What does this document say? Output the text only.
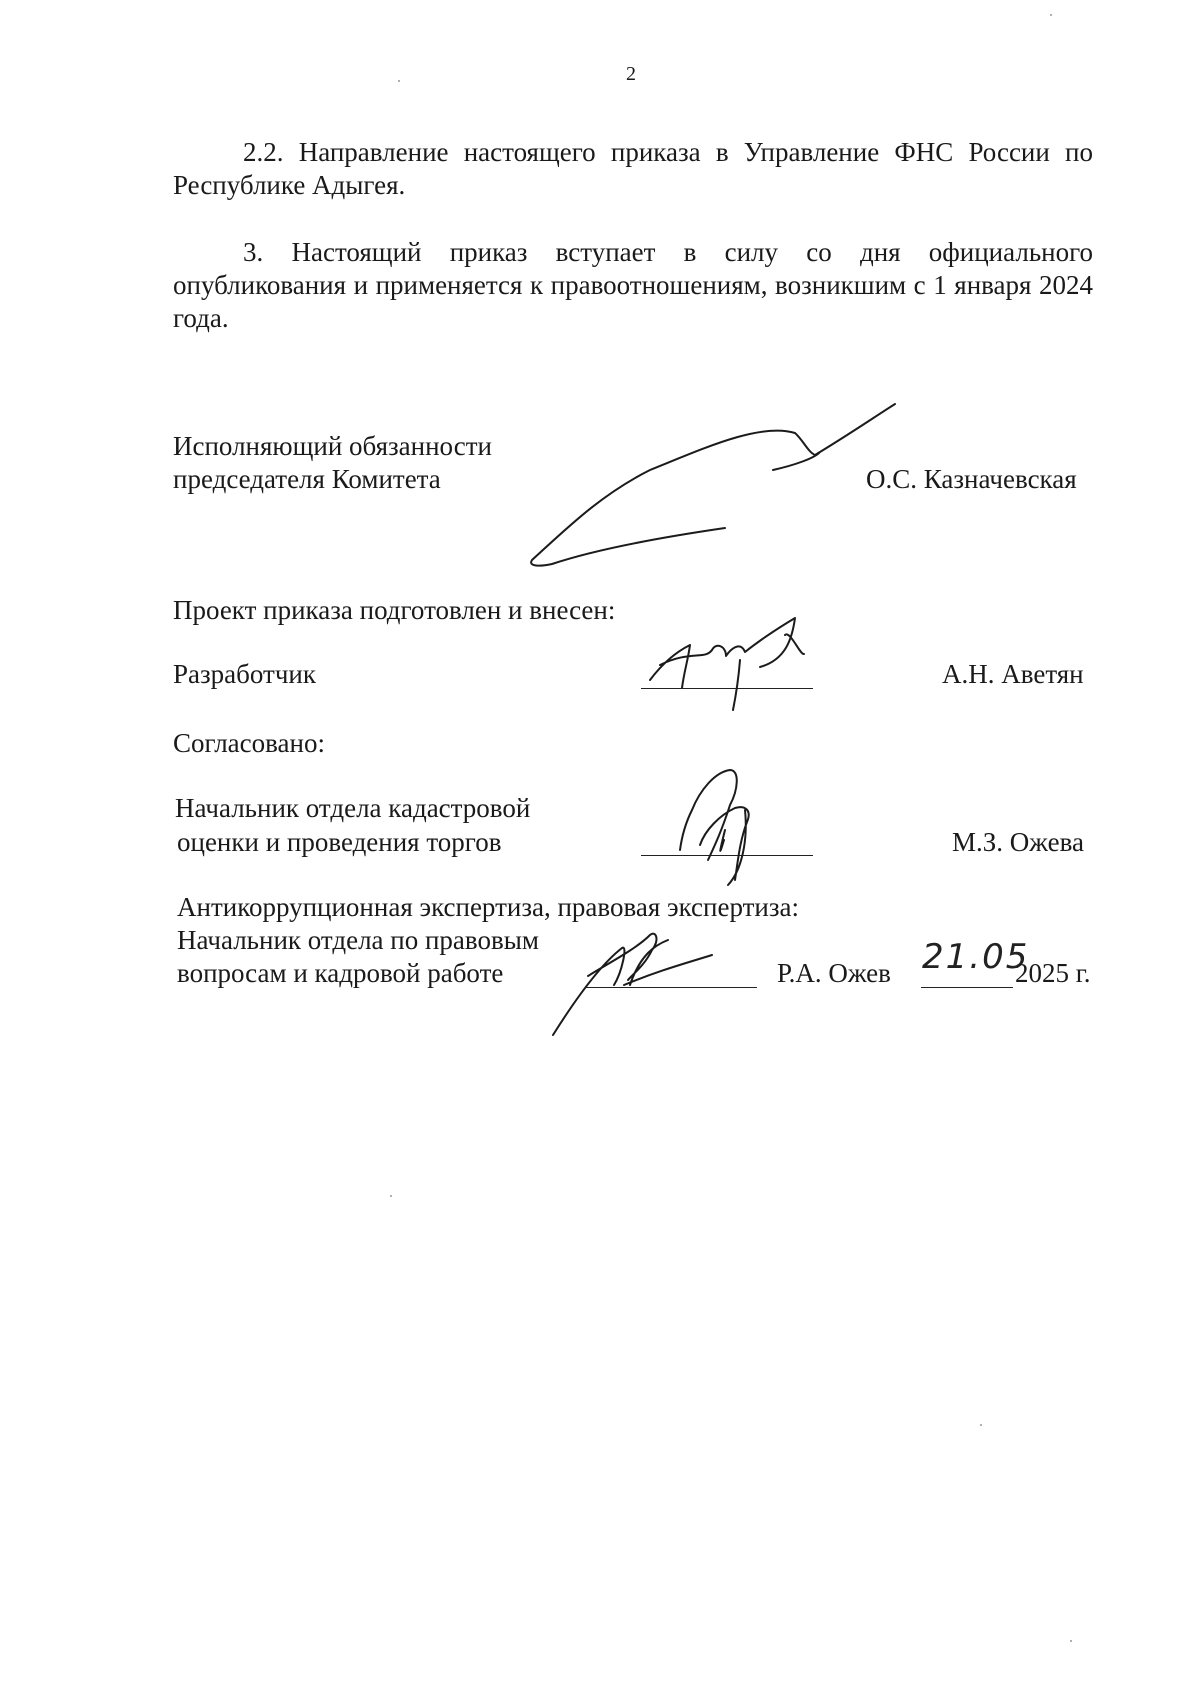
2
2.2. Направление настоящего приказа в Управление ФНС России по Республике Адыгея.
3. Настоящий приказ вступает в силу со дня официального опубликования и применяется к правоотношениям, возникшим с 1 января 2024 года.
Исполняющий обязанности
председателя Комитета	О.С. Казначевская
Проект приказа подготовлен и внесен:
Разработчик	А.Н. Аветян
Согласовано:
Начальник отдела кадастровой
оценки и проведения торгов	М.З. Ожева
Антикоррупционная экспертиза, правовая экспертиза:
Начальник отдела по правовым
вопросам и кадровой работе	Р.А. Ожев 21.05
2025 г.
